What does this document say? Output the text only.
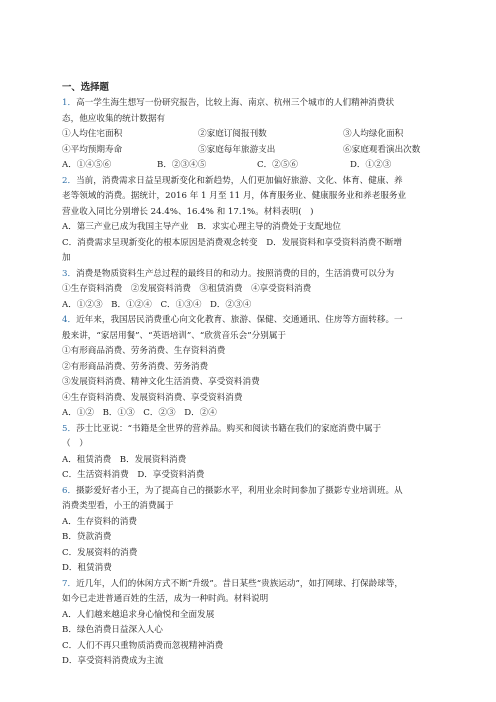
一、选择题
1．高一学生海生想写一份研究报告，比较上海、南京、杭州三个城市的人们精神消费状
态，他应收集的统计数据有
①人均住宅面积	②家庭订阅报刊数	③人均绿化面积
④平均预期寿命	⑤家庭每年旅游支出	⑥家庭观看演出次数
A．①④⑤⑥	B．②③④⑤	C．②⑤⑥	D．①②③
2．当前，消费需求日益呈现新变化和新趋势，人们更加偏好旅游、文化、体育、健康、养
老等领域的消费。据统计，2016 年 1 月至 11 月，体育服务业、健康服务业和养老服务业
营业收入同比分别增长 24.4%、16.4% 和 17.1%。材料表明(　)
A．第三产业已成为我国主导产业　B．求实心理主导的消费处于支配地位
C．消费需求呈现新变化的根本原因是消费观念转变　D．发展资料和享受资料消费不断增
加
3．消费是物质资料生产总过程的最终目的和动力。按照消费的目的，生活消费可以分为
①生存资料消费　②发展资料消费　③租赁消费　④享受资料消费
A．①②③　B．①②④　C．①③④　D．②③④
4．近年来，我国居民消费重心向文化教育、旅游、保健、交通通讯、住房等方面转移。一
般来讲，“家居用餐”、“英语培训”、“欣赏音乐会”分别属于
①有形商品消费、劳务消费、生存资料消费
②有形商品消费、劳务消费、劳务消费
③发展资料消费、精神文化生活消费、享受资料消费
④生存资料消费、发展资料消费、享受资料消费
A．①②　B．①③　C．②③　D．②④
5．莎士比亚说：“书籍是全世界的营养品。购买和阅读书籍在我们的家庭消费中属于
（　）
A．租赁消费　B．发展资料消费
C．生活资料消费　D．享受资料消费
6．摄影爱好者小王，为了提高自己的摄影水平，利用业余时间参加了摄影专业培训班。从
消费类型看，小王的消费属于
A．生存资料的消费
B．贷款消费
C．发展资料的消费
D．租赁消费
7．近几年，人们的休闲方式不断“升级”。昔日某些“贵族运动”，如打网球、打保龄球等，
如今已走进普通百姓的生活，成为一种时尚。材料说明
A．人们越来越追求身心愉悦和全面发展
B．绿色消费日益深入人心
C．人们不再只重物质消费而忽视精神消费
D．享受资料消费成为主流
